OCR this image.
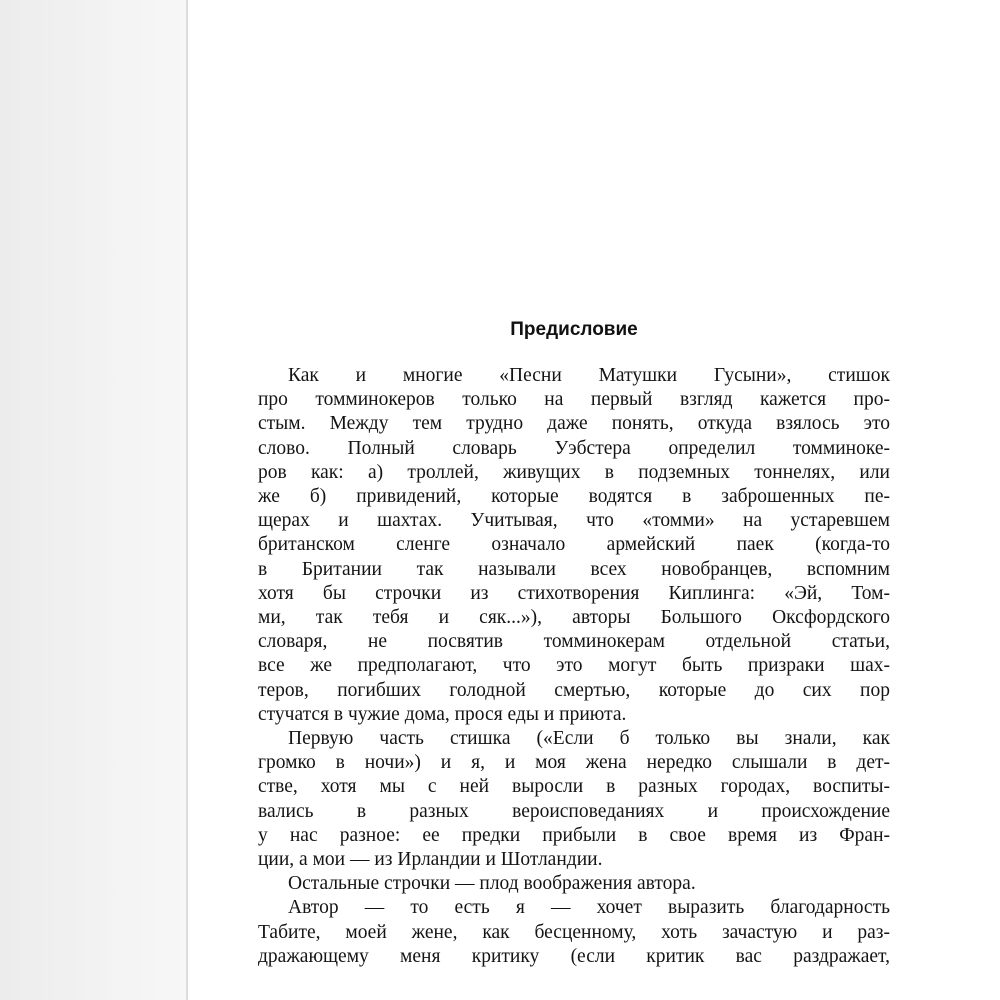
Предисловие
Как и многие «Песни Матушки Гусыни», стишок
про томминокеров только на первый взгляд кажется про-
стым. Между тем трудно даже понять, откуда взялось это
слово. Полный словарь Уэбстера определил томминоке-
ров как: а) троллей, живущих в подземных тоннелях, или
же б) привидений, которые водятся в заброшенных пе-
щерах и шахтах. Учитывая, что «томми» на устаревшем
британском сленге означало армейский паек (когда-то
в Британии так называли всех новобранцев, вспомним
хотя бы строчки из стихотворения Киплинга: «Эй, Том-
ми, так тебя и сяк...»), авторы Большого Оксфордского
словаря, не посвятив томминокерам отдельной статьи,
все же предполагают, что это могут быть призраки шах-
теров, погибших голодной смертью, которые до сих пор
стучатся в чужие дома, прося еды и приюта.
Первую часть стишка («Если б только вы знали, как
громко в ночи») и я, и моя жена нередко слышали в дет-
стве, хотя мы с ней выросли в разных городах, воспиты-
вались в разных вероисповеданиях и происхождение
у нас разное: ее предки прибыли в свое время из Фран-
ции, а мои — из Ирландии и Шотландии.
Остальные строчки — плод воображения автора.
Автор — то есть я — хочет выразить благодарность
Табите, моей жене, как бесценному, хоть зачастую и раз-
дражающему меня критику (если критик вас раздражает,
